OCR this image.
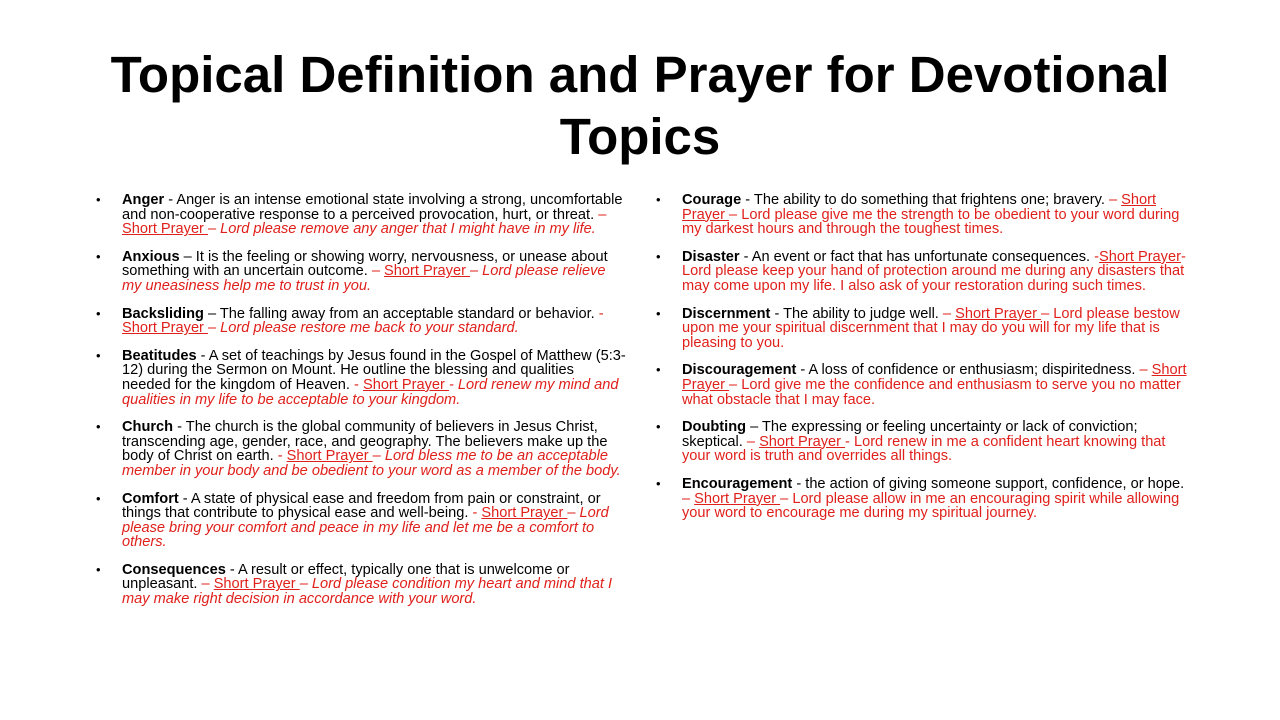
Topical Definition and Prayer for Devotional Topics
• Anger - Anger is an intense emotional state involving a strong, uncomfortable and non-cooperative response to a perceived provocation, hurt, or threat. – Short Prayer – Lord please remove any anger that I might have in my life.
• Anxious – It is the feeling or showing worry, nervousness, or unease about something with an uncertain outcome. – Short Prayer – Lord please relieve my uneasiness help me to trust in you.
• Backsliding – The falling away from an acceptable standard or behavior. - Short Prayer – Lord please restore me back to your standard.
• Beatitudes - A set of teachings by Jesus found in the Gospel of Matthew (5:3-12) during the Sermon on Mount. He outline the blessing and qualities needed for the kingdom of Heaven. - Short Prayer - Lord renew my mind and qualities in my life to be acceptable to your kingdom.
• Church - The church is the global community of believers in Jesus Christ, transcending age, gender, race, and geography. The believers make up the body of Christ on earth. - Short Prayer – Lord bless me to be an acceptable member in your body and be obedient to your word as a member of the body.
• Comfort - A state of physical ease and freedom from pain or constraint, or things that contribute to physical ease and well-being. - Short Prayer – Lord please bring your comfort and peace in my life and let me be a comfort to others.
• Consequences - A result or effect, typically one that is unwelcome or unpleasant. – Short Prayer – Lord please condition my heart and mind that I may make right decision in accordance with your word.
• Courage - The ability to do something that frightens one; bravery. – Short Prayer – Lord please give me the strength to be obedient to your word during my darkest hours and through the toughest times.
• Disaster - An event or fact that has unfortunate consequences. -Short Prayer- Lord please keep your hand of protection around me during any disasters that may come upon my life. I also ask of your restoration during such times.
• Discernment - The ability to judge well. – Short Prayer – Lord please bestow upon me your spiritual discernment that I may do you will for my life that is pleasing to you.
• Discouragement - A loss of confidence or enthusiasm; dispiritedness. – Short Prayer – Lord give me the confidence and enthusiasm to serve you no matter what obstacle that I may face.
• Doubting – The expressing or feeling uncertainty or lack of conviction; skeptical. – Short Prayer - Lord renew in me a confident heart knowing that your word is truth and overrides all things.
• Encouragement - the action of giving someone support, confidence, or hope. – Short Prayer – Lord please allow in me an encouraging spirit while allowing your word to encourage me during my spiritual journey.
